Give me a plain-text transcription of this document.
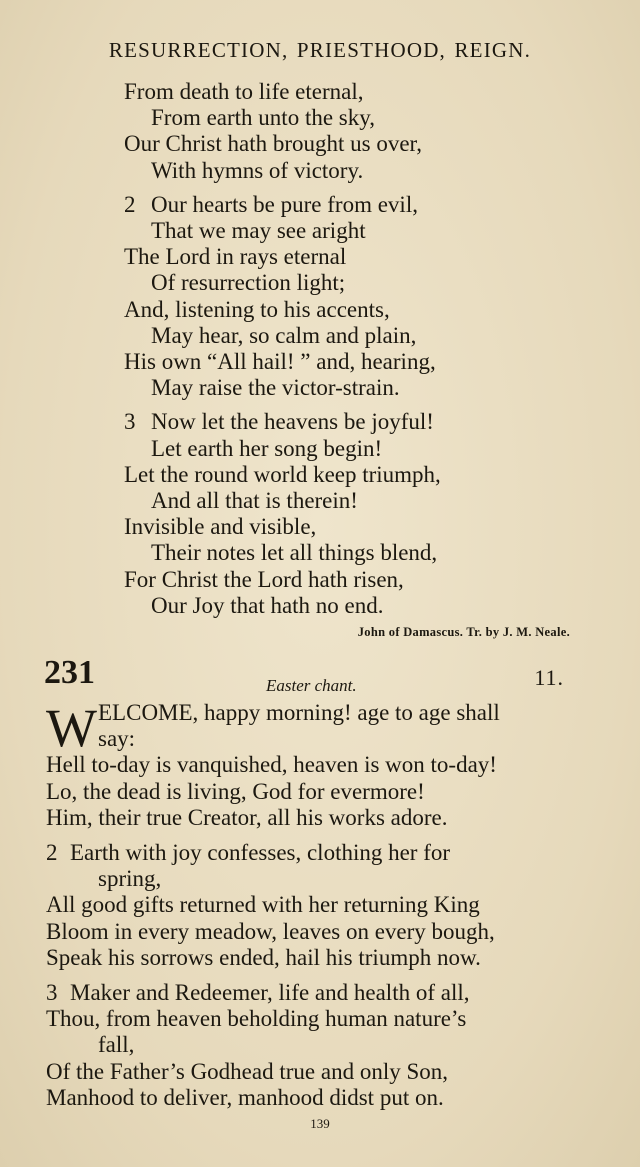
RESURRECTION, PRIESTHOOD, REIGN.
From death to life eternal,
From earth unto the sky,
Our Christ hath brought us over,
With hymns of victory.
2 Our hearts be pure from evil,
That we may see aright
The Lord in rays eternal
Of resurrection light;
And, listening to his accents,
May hear, so calm and plain,
His own “All hail! ” and, hearing,
May raise the victor-strain.
3 Now let the heavens be joyful!
Let earth her song begin!
Let the round world keep triumph,
And all that is therein!
Invisible and visible,
Their notes let all things blend,
For Christ the Lord hath risen,
Our Joy that hath no end.
John of Damascus. Tr. by J. M. Neale.
231	Easter chant.	11.
W ELCOME, happy morning! age to age shall
say:
Hell to-day is vanquished, heaven is won to-day!
Lo, the dead is living, God for evermore!
Him, their true Creator, all his works adore.
2 Earth with joy confesses, clothing her for
spring,
All good gifts returned with her returning King
Bloom in every meadow, leaves on every bough,
Speak his sorrows ended, hail his triumph now.
3 Maker and Redeemer, life and health of all,
Thou, from heaven beholding human nature’s
fall,
Of the Father’s Godhead true and only Son,
Manhood to deliver, manhood didst put on.
139
